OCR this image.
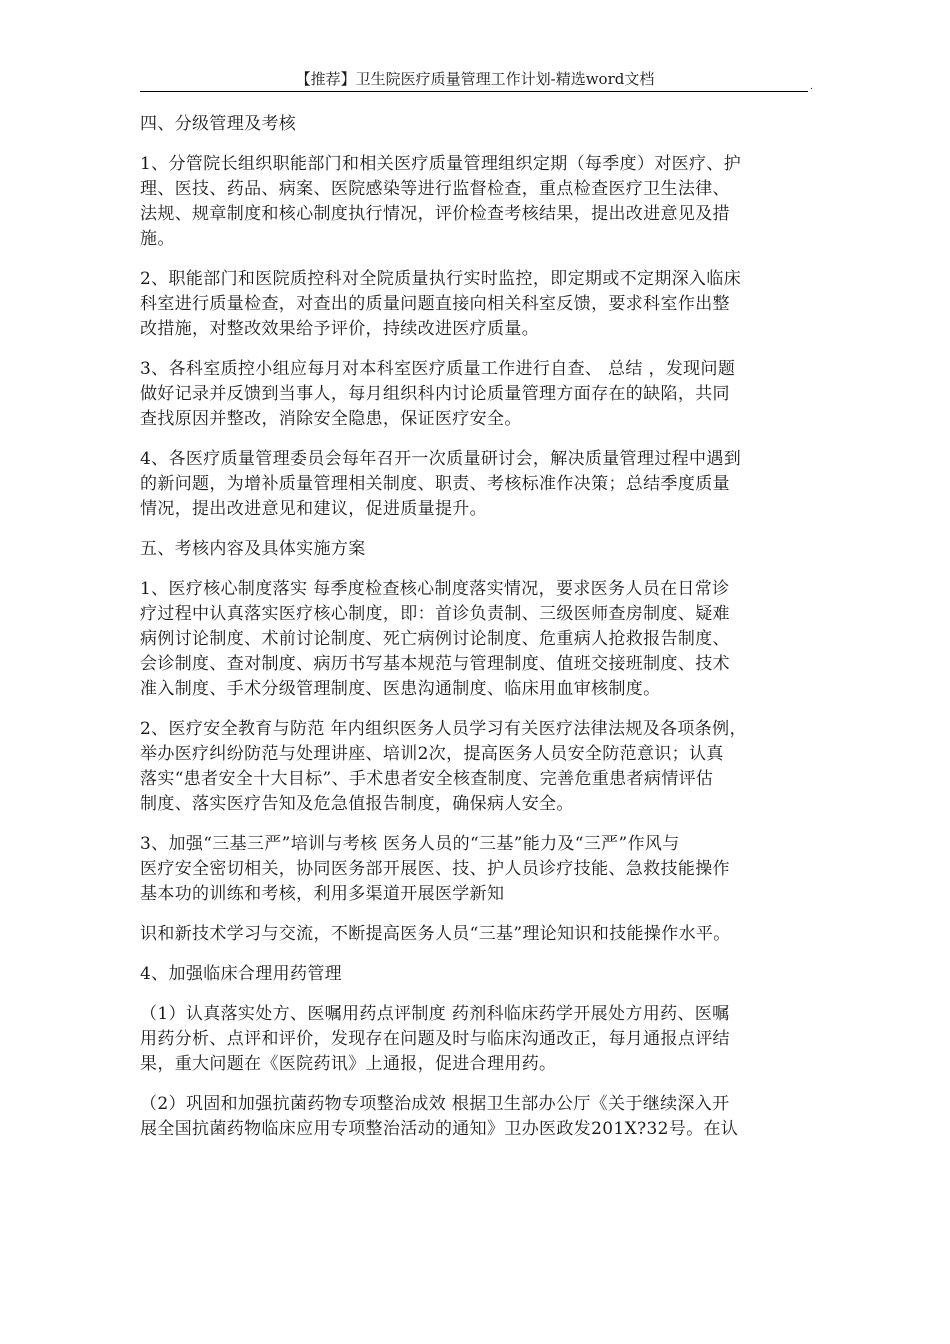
【推荐】卫生院医疗质量管理工作计划-精选word文档	.

四、分级管理及考核

1、分管院长组织职能部门和相关医疗质量管理组织定期（每季度）对医疗、护
理、医技、药品、病案、医院感染等进行监督检查，重点检查医疗卫生法律、
法规、规章制度和核心制度执行情况，评价检查考核结果，提出改进意见及措
施。

2、职能部门和医院质控科对全院质量执行实时监控，即定期或不定期深入临床
科室进行质量检查，对查出的质量问题直接向相关科室反馈，要求科室作出整
改措施，对整改效果给予评价，持续改进医疗质量。

3、各科室质控小组应每月对本科室医疗质量工作进行自查、 总结 ，发现问题
做好记录并反馈到当事人，每月组织科内讨论质量管理方面存在的缺陷，共同
查找原因并整改，消除安全隐患，保证医疗安全。

4、各医疗质量管理委员会每年召开一次质量研讨会，解决质量管理过程中遇到
的新问题，为增补质量管理相关制度、职责、考核标准作决策；总结季度质量
情况，提出改进意见和建议，促进质量提升。

五、考核内容及具体实施方案

1、医疗核心制度落实 每季度检查核心制度落实情况，要求医务人员在日常诊
疗过程中认真落实医疗核心制度，即：首诊负责制、三级医师查房制度、疑难
病例讨论制度、术前讨论制度、死亡病例讨论制度、危重病人抢救报告制度、
会诊制度、查对制度、病历书写基本规范与管理制度、值班交接班制度、技术
准入制度、手术分级管理制度、医患沟通制度、临床用血审核制度。

2、医疗安全教育与防范 年内组织医务人员学习有关医疗法律法规及各项条例，
举办医疗纠纷防范与处理讲座、培训2次，提高医务人员安全防范意识；认真
落实“患者安全十大目标”、手术患者安全核查制度、完善危重患者病情评估
制度、落实医疗告知及危急值报告制度，确保病人安全。

3、加强“三基三严”培训与考核 医务人员的“三基”能力及“三严”作风与
医疗安全密切相关，协同医务部开展医、技、护人员诊疗技能、急救技能操作
基本功的训练和考核，利用多渠道开展医学新知

识和新技术学习与交流，不断提高医务人员“三基”理论知识和技能操作水平。

4、加强临床合理用药管理

（1）认真落实处方、医嘱用药点评制度 药剂科临床药学开展处方用药、医嘱
用药分析、点评和评价，发现存在问题及时与临床沟通改正，每月通报点评结
果，重大问题在《医院药讯》上通报，促进合理用药。

（2）巩固和加强抗菌药物专项整治成效 根据卫生部办公厅《关于继续深入开
展全国抗菌药物临床应用专项整治活动的通知》卫办医政发201X?32号。在认
